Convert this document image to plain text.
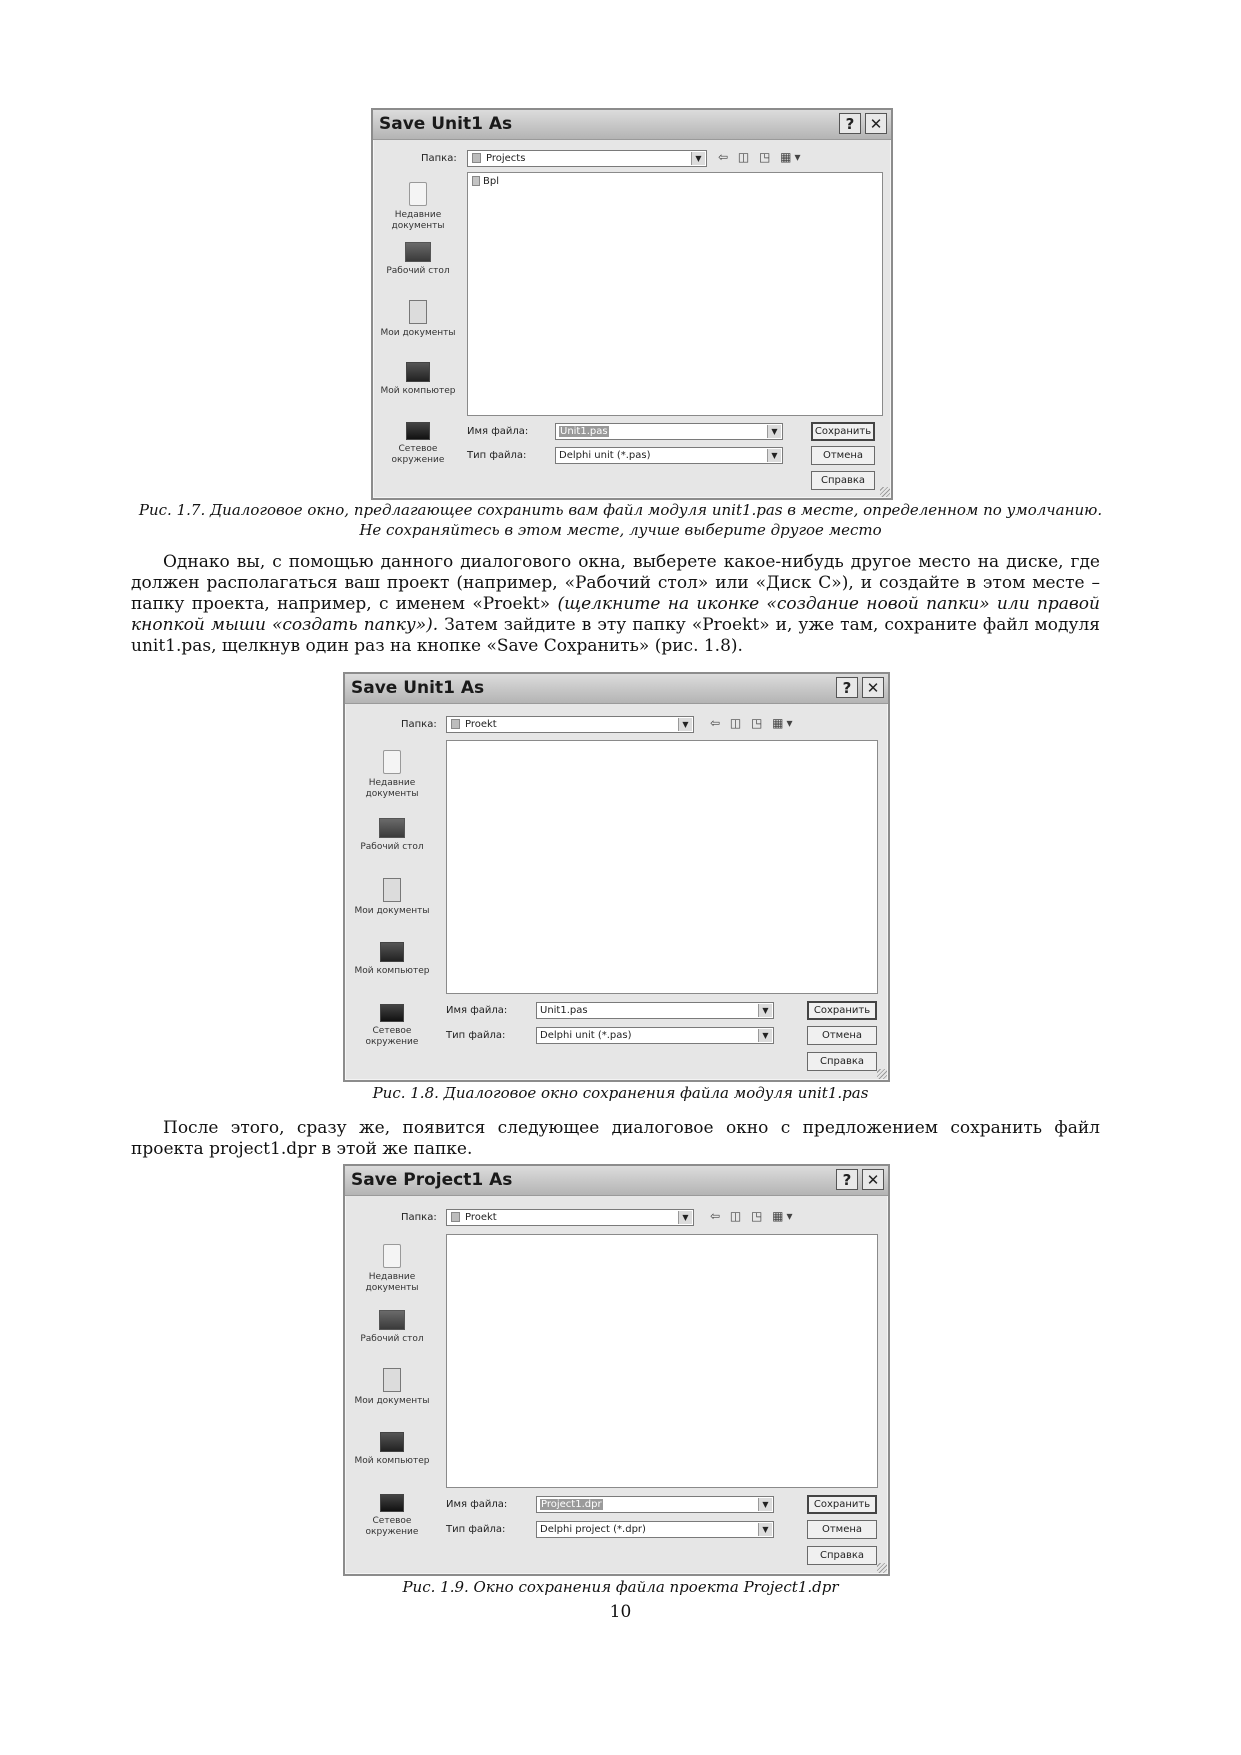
Save Unit1 As	?	✕
Папка:	Projects	▼ ⇦ ◫ ◳ ▦▾
Недавние документы
Рабочий стол
Мои документы
Мой компьютер
Сетевое окружение
Bpl
Имя файла:	Unit1.pas	▼
Тип файла:	Delphi unit (*.pas)	▼
Сохранить
Отмена
Справка
Рис. 1.7. Диалоговое окно, предлагающее сохранить вам файл модуля unit1.pas в месте, определенном по умолчанию.
Не сохраняйтесь в этом месте, лучше выберите другое место
Однако вы, с помощью данного диалогового окна, выберете какое-нибудь другое место на диске, где должен располагаться ваш проект (например, «Рабочий стол» или «Диск С»), и создайте в этом месте – папку проекта, например, с именем «Proekt» (щелкните на иконке «создание новой папки» или правой кнопкой мыши «создать папку»). Затем зайдите в эту папку «Proekt» и, уже там, сохраните файл модуля unit1.pas, щелкнув один раз на кнопке «Save Сохранить» (рис. 1.8).
Save Unit1 As	?	✕
Папка:	Proekt	▼ ⇦ ◫ ◳ ▦▾
Недавние документы
Рабочий стол
Мои документы
Мой компьютер
Сетевое окружение
Имя файла:	Unit1.pas	▼
Тип файла:	Delphi unit (*.pas)	▼
Сохранить
Отмена
Справка
Рис. 1.8. Диалоговое окно сохранения файла модуля unit1.pas
После этого, сразу же, появится следующее диалоговое окно с предложением сохранить файл проекта project1.dpr в этой же папке.
Save Project1 As	?	✕
Папка:	Proekt	▼ ⇦ ◫ ◳ ▦▾
Недавние документы
Рабочий стол
Мои документы
Мой компьютер
Сетевое окружение
Имя файла:	Project1.dpr	▼
Тип файла:	Delphi project (*.dpr)	▼
Сохранить
Отмена
Справка
Рис. 1.9. Окно сохранения файла проекта Project1.dpr
10
